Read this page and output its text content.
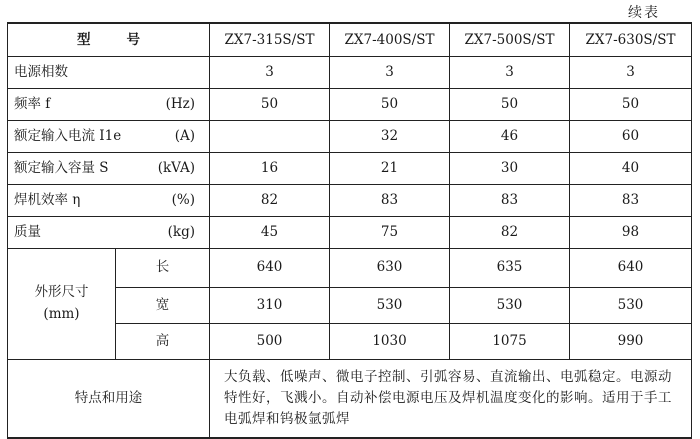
续表
型号		ZX7-315S/ST	ZX7-400S/ST	ZX7-500S/ST	ZX7-630S/ST

电源相数		3	3	3	3

频率 f (Hz)		50	50	50	50

额定输入电流 I1e (A)			32	46	60

额定输入容量 S (kVA)		16	21	30	40

焊机效率 η (%)		82	83	83	83

质量 (kg)		45	75	82	98

外形尺寸
(mm)	长	640	630	635	640
	宽	310	530	530	530
	高	500	1030	1075	990
特点和用途		大负载、低噪声、微电子控制、引弧容易、直流输出、电弧稳定。电源动特性好，飞溅小。自动补偿电源电压及焊机温度变化的影响。适用于手工电弧焊和钨极氩弧焊			
